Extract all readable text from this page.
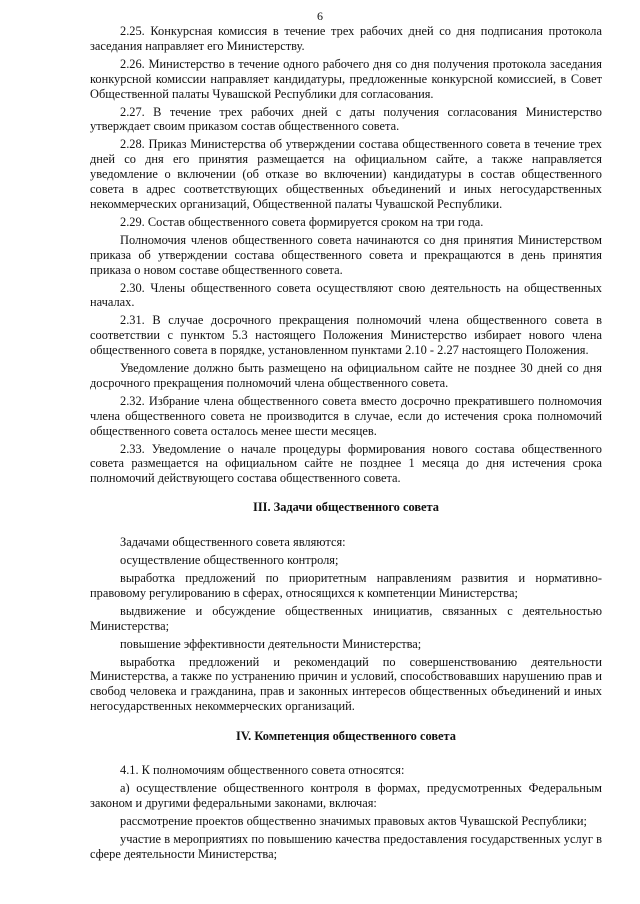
6

2.25. Конкурсная комиссия в течение трех рабочих дней со дня подписания протокола заседания направляет его Министерству.

2.26. Министерство в течение одного рабочего дня со дня получения протокола заседания конкурсной комиссии направляет кандидатуры, предложенные конкурсной комиссией, в Совет Общественной палаты Чувашской Республики для согласования.

2.27. В течение трех рабочих дней с даты получения согласования Министерство утверждает своим приказом состав общественного совета.

2.28. Приказ Министерства об утверждении состава общественного совета в течение трех дней со дня его принятия размещается на официальном сайте, а также направляется уведомление о включении (об отказе во включении) кандидатуры в состав общественного совета в адрес соответствующих общественных объединений и иных негосударственных некоммерческих организаций, Общественной палаты Чувашской Республики.

2.29. Состав общественного совета формируется сроком на три года.

Полномочия членов общественного совета начинаются со дня принятия Министерством приказа об утверждении состава общественного совета и прекращаются в день принятия приказа о новом составе общественного совета.

2.30. Члены общественного совета осуществляют свою деятельность на общественных началах.

2.31. В случае досрочного прекращения полномочий члена общественного совета в соответствии с пунктом 5.3 настоящего Положения Министерство избирает нового члена общественного совета в порядке, установленном пунктами 2.10 - 2.27 настоящего Положения.

Уведомление должно быть размещено на официальном сайте не позднее 30 дней со дня досрочного прекращения полномочий члена общественного совета.

2.32. Избрание члена общественного совета вместо досрочно прекратившего полномочия члена общественного совета не производится в случае, если до истечения срока полномочий общественного совета осталось менее шести месяцев.

2.33. Уведомление о начале процедуры формирования нового состава общественного совета размещается на официальном сайте не позднее 1 месяца до дня истечения срока полномочий действующего состава общественного совета.

III. Задачи общественного совета

Задачами общественного совета являются:

осуществление общественного контроля;

выработка предложений по приоритетным направлениям развития и нормативно-правовому регулированию в сферах, относящихся к компетенции Министерства;

выдвижение и обсуждение общественных инициатив, связанных с деятельностью Министерства;

повышение эффективности деятельности Министерства;

выработка предложений и рекомендаций по совершенствованию деятельности Министерства, а также по устранению причин и условий, способствовавших нарушению прав и свобод человека и гражданина, прав и законных интересов общественных объединений и иных негосударственных некоммерческих организаций.

IV. Компетенция общественного совета

4.1. К полномочиям общественного совета относятся:

а) осуществление общественного контроля в формах, предусмотренных Федеральным законом и другими федеральными законами, включая:

рассмотрение проектов общественно значимых правовых актов Чувашской Республики;

участие в мероприятиях по повышению качества предоставления государственных услуг в сфере деятельности Министерства;
